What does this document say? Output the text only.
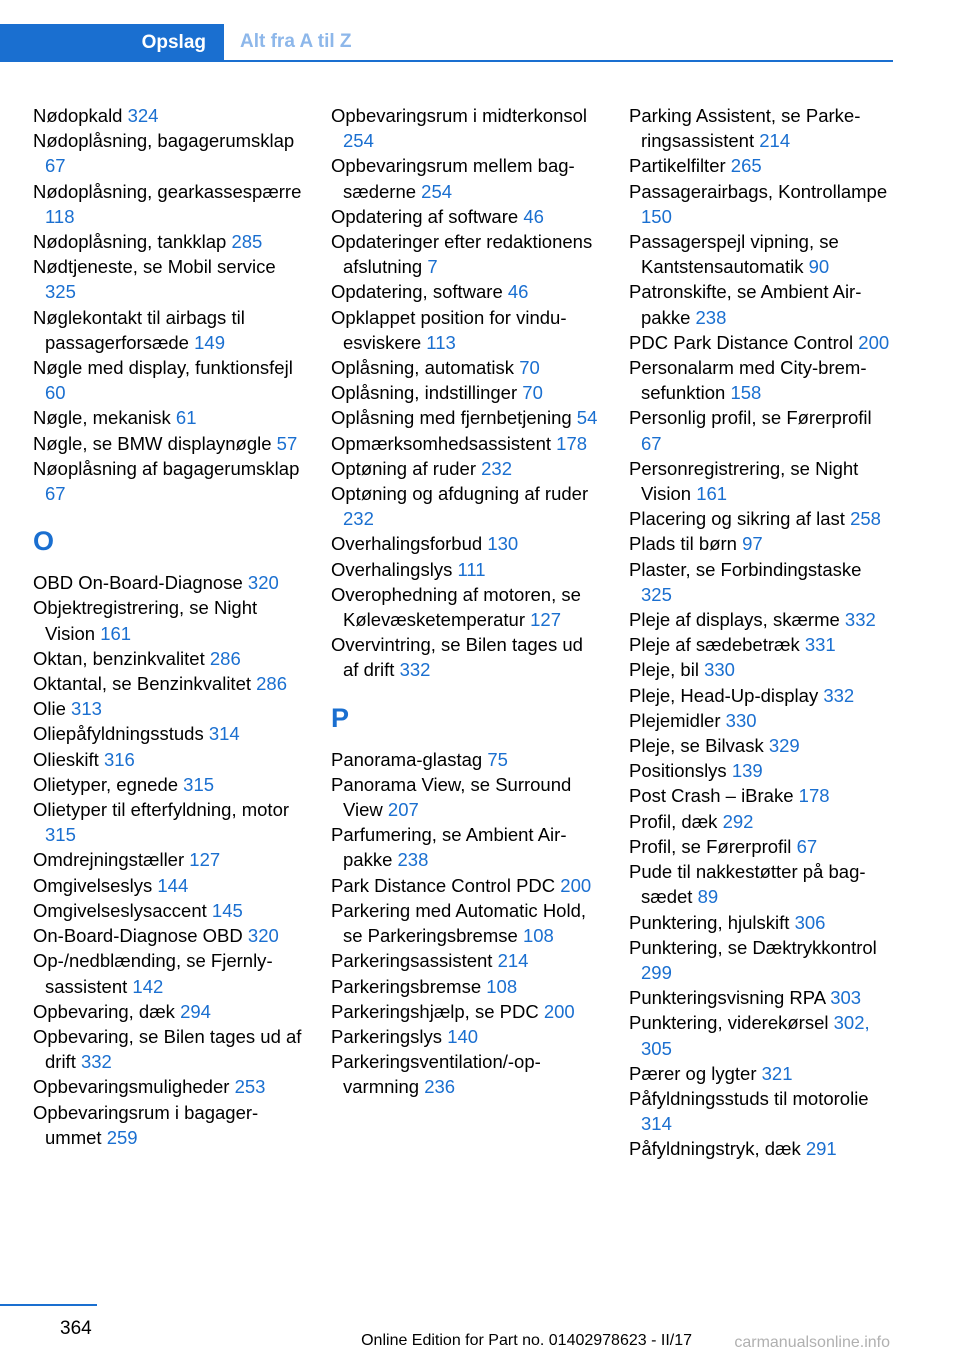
Opslag	Alt fra A til Z

Nødopkald 324

Nødoplåsning, bagagerumsklap 67

Nødoplåsning, gearkassespærre 118

Nødoplåsning, tankklap 285

Nødtjeneste, se Mobil service 325

Nøglekontakt til airbags til passagerforsæde 149

Nøgle med display, funktionsfejl 60

Nøgle, mekanisk 61

Nøgle, se BMW displaynøgle 57

Nøoplåsning af bagagerumsklap 67

O

OBD On-Board-Diagnose 320

Objektregistrering, se Night Vision 161

Oktan, benzinkvalitet 286

Oktantal, se Benzinkvalitet 286

Olie 313

Oliepåfyldningsstuds 314

Olieskift 316

Olietyper, egnede 315

Olietyper til efterfyldning, motor 315

Omdrejningstæller 127

Omgivelseslys 144

Omgivelseslysaccent 145

On-Board-Diagnose OBD 320

Op-/nedblænding, se Fjernlysassistent 142

Opbevaring, dæk 294

Opbevaring, se Bilen tages ud af drift 332

Opbevaringsmuligheder 253

Opbevaringsrum i bagagerummet 259

Opbevaringsrum i midterkonsol 254

Opbevaringsrum mellem bagsæderne 254

Opdatering af software 46

Opdateringer efter redaktionens afslutning 7

Opdatering, software 46

Opklappet position for vinduesviskere 113

Oplåsning, automatisk 70

Oplåsning, indstillinger 70

Oplåsning med fjernbetjening 54

Opmærksomhedsassistent 178

Optøning af ruder 232

Optøning og afdugning af ruder 232

Overhalingsforbud 130

Overhalingslys 111

Overophedning af motoren, se Kølevæsketemperatur 127

Overvintring, se Bilen tages ud af drift 332

P

Panorama-glastag 75

Panorama View, se Surround View 207

Parfumering, se Ambient Airpakke 238

Park Distance Control PDC 200

Parkering med Automatic Hold, se Parkeringsbremse 108

Parkeringsassistent 214

Parkeringsbremse 108

Parkeringshjælp, se PDC 200

Parkeringslys 140

Parkeringsventilation/-opvarmning 236

Parking Assistent, se Parkeringsassistent 214

Partikelfilter 265

Passagerairbags, Kontrollampe 150

Passagerspejl vipning, se Kantstensautomatik 90

Patronskifte, se Ambient Airpakke 238

PDC Park Distance Control 200

Personalarm med City-bremsefunktion 158

Personlig profil, se Førerprofil 67

Personregistrering, se Night Vision 161

Placering og sikring af last 258

Plads til børn 97

Plaster, se Forbindingstaske 325

Pleje af displays, skærme 332

Pleje af sædebetræk 331

Pleje, bil 330

Pleje, Head-Up-display 332

Plejemidler 330

Pleje, se Bilvask 329

Positionslys 139

Post Crash – iBrake 178

Profil, dæk 292

Profil, se Førerprofil 67

Pude til nakkestøtter på bagsædet 89

Punktering, hjulskift 306

Punktering, se Dæktrykkontrol 299

Punkteringsvisning RPA 303

Punktering, viderekørsel 302, 305

Pærer og lygter 321

Påfyldningsstuds til motorolie 314

Påfyldningstryk, dæk 291

364
Online Edition for Part no. 01402978623 - II/17	carmanualsonline.info
